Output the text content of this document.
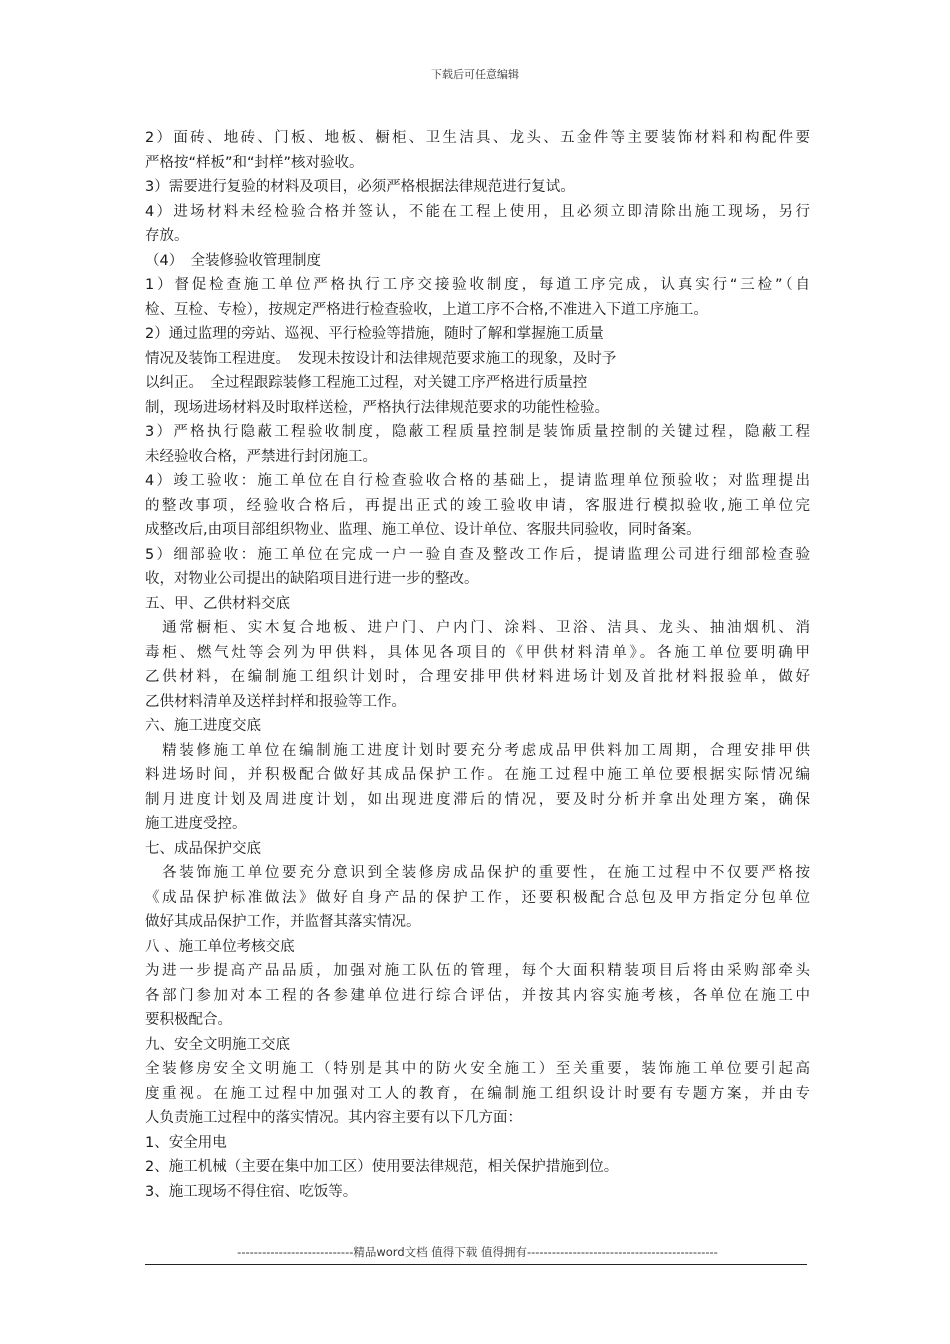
下载后可任意编辑
2）面砖、地砖、门板、地板、橱柜、卫生洁具、龙头、五金件等主要装饰材料和构配件要
严格按“样板”和“封样”核对验收。
3）需要进行复验的材料及项目，必须严格根据法律规范进行复试。
4）进场材料未经检验合格并签认，不能在工程上使用，且必须立即清除出施工现场，另行
存放。
（4）　全装修验收管理制度
1）督促检查施工单位严格执行工序交接验收制度，每道工序完成，认真实行“三检”（自
检、互检、专检），按规定严格进行检查验收，上道工序不合格,不准进入下道工序施工。
2）通过监理的旁站、巡视、平行检验等措施，随时了解和掌握施工质量
情况及装饰工程进度。　发现未按设计和法律规范要求施工的现象，及时予
以纠正。　全过程跟踪装修工程施工过程，对关键工序严格进行质量控
制，现场进场材料及时取样送检，严格执行法律规范要求的功能性检验。
3）严格执行隐蔽工程验收制度，隐蔽工程质量控制是装饰质量控制的关键过程，隐蔽工程
未经验收合格，严禁进行封闭施工。
4）竣工验收：施工单位在自行检查验收合格的基础上，提请监理单位预验收；对监理提出
的整改事项，经验收合格后，再提出正式的竣工验收申请，客服进行模拟验收,施工单位完
成整改后,由项目部组织物业、监理、施工单位、设计单位、客服共同验收，同时备案。
5）细部验收：施工单位在完成一户一验自查及整改工作后，提请监理公司进行细部检查验
收，对物业公司提出的缺陷项目进行进一步的整改。
五、甲、乙供材料交底
　通常橱柜、实木复合地板、进户门、户内门、涂料、卫浴、洁具、龙头、抽油烟机、消
毒柜、燃气灶等会列为甲供料，具体见各项目的《甲供材料清单》。各施工单位要明确甲
乙供材料，在编制施工组织计划时，合理安排甲供材料进场计划及首批材料报验单，做好
乙供材料清单及送样封样和报验等工作。
六、施工进度交底
　精装修施工单位在编制施工进度计划时要充分考虑成品甲供料加工周期，合理安排甲供
料进场时间，并积极配合做好其成品保护工作。在施工过程中施工单位要根据实际情况编
制月进度计划及周进度计划，如出现进度滞后的情况，要及时分析并拿出处理方案，确保
施工进度受控。
七、成品保护交底
　各装饰施工单位要充分意识到全装修房成品保护的重要性，在施工过程中不仅要严格按
《成品保护标准做法》做好自身产品的保护工作，还要积极配合总包及甲方指定分包单位
做好其成品保护工作，并监督其落实情况。
八 、施工单位考核交底
为进一步提高产品品质，加强对施工队伍的管理，每个大面积精装项目后将由采购部牵头
各部门参加对本工程的各参建单位进行综合评估，并按其内容实施考核，各单位在施工中
要积极配合。
九、安全文明施工交底
全装修房安全文明施工（特别是其中的防火安全施工）至关重要，装饰施工单位要引起高
度重视。在施工过程中加强对工人的教育，在编制施工组织设计时要有专题方案，并由专
人负责施工过程中的落实情况。其内容主要有以下几方面：
1、安全用电
2、施工机械（主要在集中加工区）使用要法律规范，相关保护措施到位。
3、施工现场不得住宿、吃饭等。
----------------------------精品word文档 值得下载 值得拥有----------------------------------------------
